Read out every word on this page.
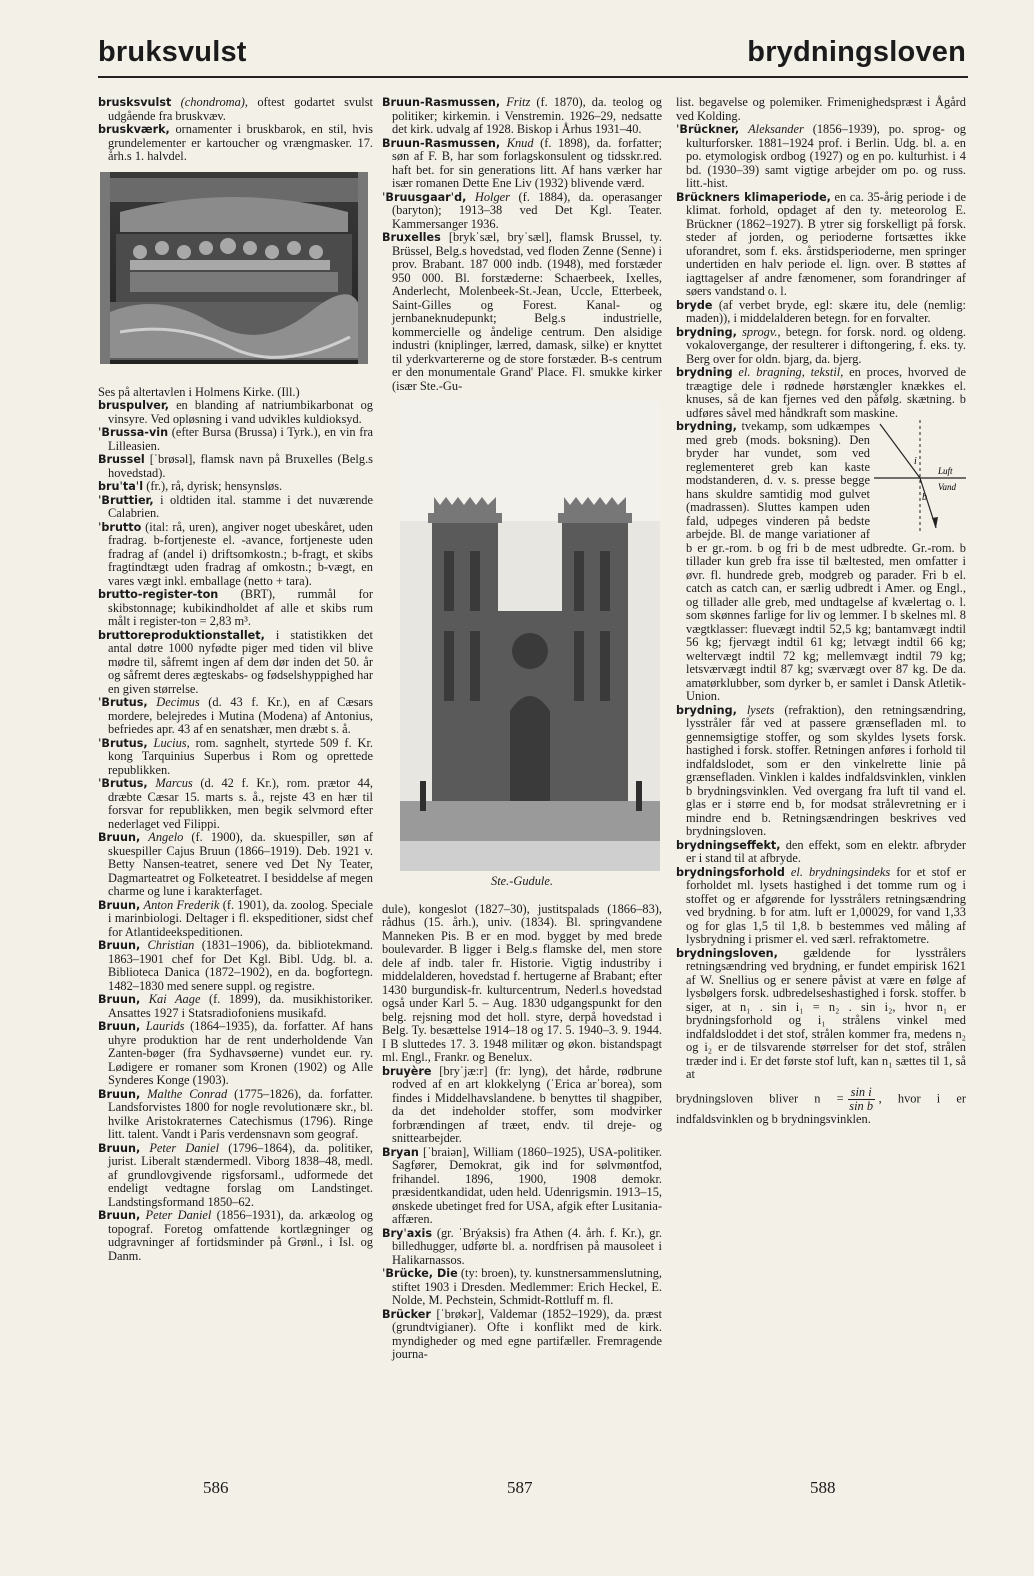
bruksvulst	brydningsloven

brusksvulst (chondroma), oftest godartet svulst udgående fra bruskvæv.

bruskværk, ornamenter i bruskbarok, en stil, hvis grundelementer er kartoucher og vrængmasker. 17. årh.s 1. halvdel.

Ses på altertavlen i Holmens Kirke. (Ill.)

bruspulver, en blanding af natriumbikarbonat og vinsyre. Ved opløsning i vand udvikles kuldioksyd.

ˈBrussa-vin (efter Bursa (Brussa) i Tyrk.), en vin fra Lilleasien.

Brussel [ˈbrøsəl], flamsk navn på Bruxelles (Belg.s hovedstad).

bruˈtaˈl (fr.), rå, dyrisk; hensynsløs.

ˈBruttier, i oldtiden ital. stamme i det nuværende Calabrien.

ˈbrutto (ital: rå, uren), angiver noget ubeskåret, uden fradrag. b-fortjeneste el. -avance, fortjeneste uden fradrag af (andel i) driftsomkostn.; b-fragt, et skibs fragtindtægt uden fradrag af omkostn.; b-vægt, en vares vægt inkl. emballage (netto + tara).

brutto-register-ton (BRT), rummål for skibstonnage; kubikindholdet af alle et skibs rum målt i register-ton = 2,83 m³.

bruttoreproduktionstallet, i statistikken det antal døtre 1000 nyfødte piger med tiden vil blive mødre til, såfremt ingen af dem dør inden det 50. år og såfremt deres ægteskabs- og fødselshyppighed har en given størrelse.

ˈBrutus, Decimus (d. 43 f. Kr.), en af Cæsars mordere, belejredes i Mutina (Modena) af Antonius, befriedes apr. 43 af en senatshær, men dræbt s. å.

ˈBrutus, Lucius, rom. sagnhelt, styrtede 509 f. Kr. kong Tarquinius Superbus i Rom og oprettede republikken.

ˈBrutus, Marcus (d. 42 f. Kr.), rom. prætor 44, dræbte Cæsar 15. marts s. å., rejste 43 en hær til forsvar for republikken, men begik selvmord efter nederlaget ved Filippi.

Bruun, Angelo (f. 1900), da. skuespiller, søn af skuespiller Cajus Bruun (1866–1919). Deb. 1921 v. Betty Nansen-teatret, senere ved Det Ny Teater, Dagmarteatret og Folketeatret. I besiddelse af megen charme og lune i karakterfaget.

Bruun, Anton Frederik (f. 1901), da. zoolog. Speciale i marinbiologi. Deltager i fl. ekspeditioner, sidst chef for Atlantideekspeditionen.

Bruun, Christian (1831–1906), da. bibliotekmand. 1863–1901 chef for Det Kgl. Bibl. Udg. bl. a. Biblioteca Danica (1872–1902), en da. bogfortegn. 1482–1830 med senere suppl. og registre.

Bruun, Kai Aage (f. 1899), da. musikhistoriker. Ansattes 1927 i Statsradiofoniens musikafd.

Bruun, Laurids (1864–1935), da. forfatter. Af hans uhyre produktion har de rent underholdende Van Zanten-bøger (fra Sydhavsøerne) vundet eur. ry. Lødigere er romaner som Kronen (1902) og Alle Synderes Konge (1903).

Bruun, Malthe Conrad (1775–1826), da. forfatter. Landsforvistes 1800 for nogle revolutionære skr., bl. hvilke Aristokraternes Catechismus (1796). Ringe litt. talent. Vandt i Paris verdensnavn som geograf.

Bruun, Peter Daniel (1796–1864), da. politiker, jurist. Liberalt stændermedl. Viborg 1838–48, medl. af grundlovgivende rigsforsaml., udformede det endeligt vedtagne forslag om Landstinget. Landstingsformand 1850–62.

Bruun, Peter Daniel (1856–1931), da. arkæolog og topograf. Foretog omfattende kortlægninger og udgravninger af fortidsminder på Grønl., i Isl. og Danm.

Bruun-Rasmussen, Fritz (f. 1870), da. teolog og politiker; kirkemin. i Venstremin. 1926–29, nedsatte det kirk. udvalg af 1928. Biskop i Århus 1931–40.

Bruun-Rasmussen, Knud (f. 1898), da. forfatter; søn af F. B, har som forlagskonsulent og tidsskr.red. haft bet. for sin generations litt. Af hans værker har især romanen Dette Ene Liv (1932) blivende værd.

ˈBruusgaarˈd, Holger (f. 1884), da. operasanger (baryton); 1913–38 ved Det Kgl. Teater. Kammersanger 1936.

Bruxelles [brykˈsæl, bryˈsæl], flamsk Brussel, ty. Brüssel, Belg.s hovedstad, ved floden Zenne (Senne) i prov. Brabant. 187 000 indb. (1948), med forstæder 950 000. Bl. forstæderne: Schaerbeek, Ixelles, Anderlecht, Molenbeek-St.-Jean, Uccle, Etterbeek, Saint-Gilles og Forest. Kanal- og jernbaneknudepunkt; Belg.s industrielle, kommercielle og åndelige centrum. Den alsidige industri (kniplinger, lærred, damask, silke) er knyttet til yderkvartererne og de store forstæder. B-s centrum er den monumentale Grand' Place. Fl. smukke kirker (især Ste.-Gu-

Ste.-Gudule.

dule), kongeslot (1827–30), justitspalads (1866–83), rådhus (15. årh.), univ. (1834). Bl. springvandene Manneken Pis. B er en mod. bygget by med brede boulevarder. B ligger i Belg.s flamske del, men store dele af indb. taler fr. Historie. Vigtig industriby i middelalderen, hovedstad f. hertugerne af Brabant; efter 1430 burgundisk-fr. kulturcentrum, Nederl.s hovedstad også under Karl 5. – Aug. 1830 udgangspunkt for den belg. rejsning mod det holl. styre, derpå hovedstad i Belg. Ty. besættelse 1914–18 og 17. 5. 1940–3. 9. 1944. I B sluttedes 17. 3. 1948 militær og økon. bistandspagt ml. Engl., Frankr. og Benelux.

bruyère [bryˈjæ:r] (fr: lyng), det hårde, rødbrune rodved af en art klokkelyng (ˈErica arˈborea), som findes i Middelhavslandene. b benyttes til shagpiber, da det indeholder stoffer, som modvirker forbrændingen af træet, endv. til dreje- og snittearbejder.

Bryan [ˈbraiən], William (1860–1925), USA-politiker. Sagfører, Demokrat, gik ind for sølvmøntfod, frihandel. 1896, 1900, 1908 demokr. præsidentkandidat, uden held. Udenrigsmin. 1913–15, ønskede ubetinget fred for USA, afgik efter Lusitania-affæren.

Bryˈaxis (gr. ˈBrýaksis) fra Athen (4. årh. f. Kr.), gr. billedhugger, udførte bl. a. nordfrisen på mausoleet i Halikarnassos.

ˈBrücke, Die (ty: broen), ty. kunstnersammenslutning, stiftet 1903 i Dresden. Medlemmer: Erich Heckel, E. Nolde, M. Pechstein, Schmidt-Rottluff m. fl.

Brücker [ˈbrøkər], Valdemar (1852–1929), da. præst (grundtvigianer). Ofte i konflikt med de kirk. myndigheder og med egne partifæller. Fremragende journa-

list. begavelse og polemiker. Frimenighedspræst i Ågård ved Kolding.

ˈBrückner, Aleksander (1856–1939), po. sprog- og kulturforsker. 1881–1924 prof. i Berlin. Udg. bl. a. en po. etymologisk ordbog (1927) og en po. kulturhist. i 4 bd. (1930–39) samt vigtige arbejder om po. og russ. litt.-hist.

Brückners klimaperiode, en ca. 35-årig periode i de klimat. forhold, opdaget af den ty. meteorolog E. Brückner (1862–1927). B ytrer sig forskelligt på forsk. steder af jorden, og perioderne fortsættes ikke uforandret, som f. eks. årstidsperioderne, men springer undertiden en halv periode el. lign. over. B støttes af iagttagelser af andre fænomener, som forandringer af søers vandstand o. l.

bryde (af verbet bryde, egl: skære itu, dele (nemlig: maden)), i middelalderen betegn. for en forvalter.

brydning, sprogv., betegn. for forsk. nord. og oldeng. vokalovergange, der resulterer i diftongering, f. eks. ty. Berg over for oldn. bjarg, da. bjerg.

brydning el. bragning, tekstil, en proces, hvorved de træagtige dele i rødnede hørstængler knækkes el. knuses, så de kan fjernes ved den påfølg. skætning. b udføres såvel med håndkraft som maskine.

i
b
Luft
Vand

brydning, tvekamp, som udkæmpes med greb (mods. boksning). Den bryder har vundet, som ved reglementeret greb kan kaste modstanderen, d. v. s. presse begge hans skuldre samtidig mod gulvet (madrassen). Sluttes kampen uden fald, udpeges vinderen på bedste arbejde. Bl. de mange variationer af b er gr.-rom. b og fri b de mest udbredte. Gr.-rom. b tillader kun greb fra isse til bæltested, men omfatter i øvr. fl. hundrede greb, modgreb og parader. Fri b el. catch as catch can, er særlig udbredt i Amer. og Engl., og tillader alle greb, med undtagelse af kvælertag o. l. som skønnes farlige for liv og lemmer. I b skelnes ml. 8 vægtklasser: fluevægt indtil 52,5 kg; bantamvægt indtil 56 kg; fjervægt indtil 61 kg; letvægt indtil 66 kg; weltervægt indtil 72 kg; mellemvægt indtil 79 kg; letsværvægt indtil 87 kg; sværvægt over 87 kg. De da. amatørklubber, som dyrker b, er samlet i Dansk Atletik-Union.

brydning, lysets (refraktion), den retningsændring, lysstråler får ved at passere grænsefladen ml. to gennemsigtige stoffer, og som skyldes lysets forsk. hastighed i forsk. stoffer. Retningen anføres i forhold til indfaldslodet, som er den vinkelrette linie på grænsefladen. Vinklen i kaldes indfaldsvinklen, vinklen b brydningsvinklen. Ved overgang fra luft til vand el. glas er i større end b, for modsat strålevretning er i mindre end b. Retningsændringen beskrives ved brydningsloven.

brydningseffekt, den effekt, som en elektr. afbryder er i stand til at afbryde.

brydningsforhold el. brydningsindeks for et stof er forholdet ml. lysets hastighed i det tomme rum og i stoffet og er afgørende for lysstrålers retningsændring ved brydning. b for atm. luft er 1,00029, for vand 1,33 og for glas 1,5 til 1,8. b bestemmes ved måling af lysbrydning i prismer el. ved særl. refraktometre.

brydningsloven, gældende for lysstrålers retningsændring ved brydning, er fundet empirisk 1621 af W. Snellius og er senere påvist at være en følge af lysbølgers forsk. udbredelseshastighed i forsk. stoffer. b siger, at n₁ . sin i₁ = n₂ . sin i₂, hvor n₁ er brydningsforhold og i₁ strålens vinkel med indfaldsloddet i det stof, strålen kommer fra, medens n₂ og i₂ er de tilsvarende størrelser for det stof, strålen træder ind i. Er det første stof luft, kan n₁ sættes til 1, så at

brydningsloven bliver $n = \frac{\text{sin i}}{\text{sin b}}$ , hvor i er indfaldsvinklen og b brydningsvinklen.

586	587	588
